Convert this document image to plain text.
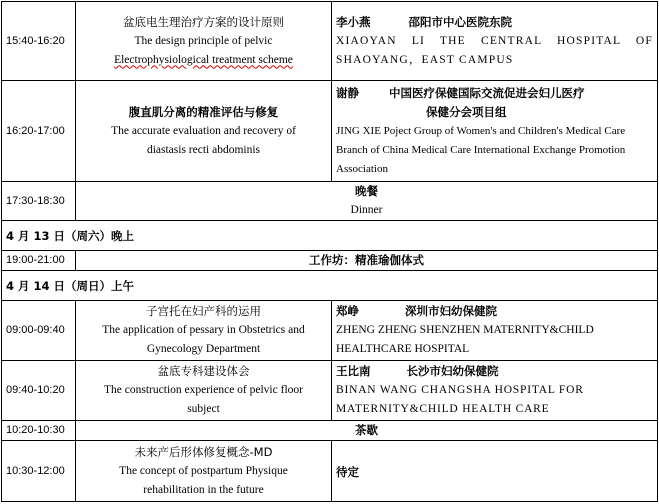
15:40-16:20	盆底电生理治疗方案的设计原则
The design principle of pelvic
Electrophysiological treatment scheme	李小燕 邵阳市中心医院东院
XIAOYAN LI THE CENTRAL HOSPITAL OF SHAOYANG，EAST CAMPUS

16:20-17:00	腹直肌分离的精准评估与修复
The accurate evaluation and recovery of
diastasis recti abdominis	谢静 中国医疗保健国际交流促进会妇儿医疗
保健分会项目组
JING XIE Poject Group of Women's and Children's Medical Care Branch of China Medical Care International Exchange Promotion Association

17:30-18:30	晚餐
Dinner	

4 月 13 日（周六）晚上		
19:00-21:00	工作坊：精准瑜伽体式	

4 月 14 日（周日）上午		
09:00-09:40	子宫托在妇产科的运用
The application of pessary in Obstetrics and
Gynecology Department	郑峥 深圳市妇幼保健院
ZHENG ZHENG SHENZHEN MATERNITY&CHILD HEALTHCARE HOSPITAL

09:40-10:20	盆底专科建设体会
The construction experience of pelvic floor
subject	王比南 长沙市妇幼保健院
BINAN WANG CHANGSHA HOSPITAL FOR MATERNITY&CHILD HEALTH CARE

10:20-10:30	茶歇	

10:30-12:00	未来产后形体修复概念-MD
The concept of postpartum Physique
rehabilitation in the future	待定
